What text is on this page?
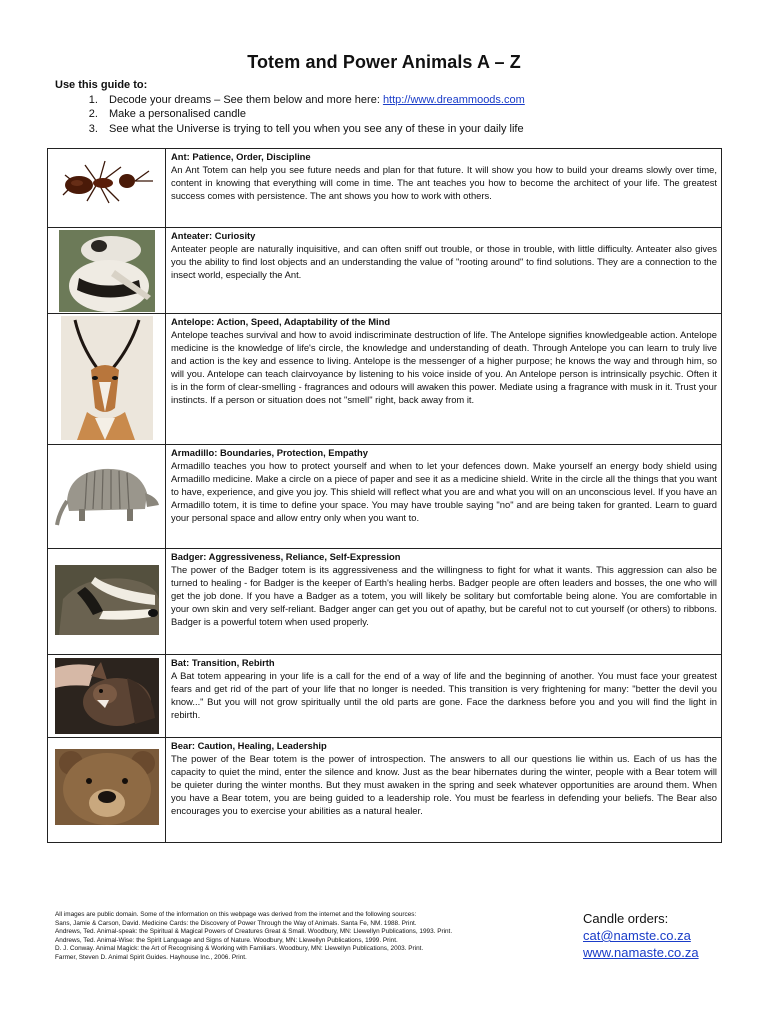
Totem and Power Animals A – Z
Use this guide to:
1. Decode your dreams – See them below and more here: http://www.dreammoods.com
2. Make a personalised candle
3. See what the Universe is trying to tell you when you see any of these in your daily life

Ant: Patience, Order, Discipline
An Ant Totem can help you see future needs and plan for that future. It will show you how to build your dreams slowly over time, content in knowing that everything will come in time. The ant teaches you how to become the architect of your life. The greatest success comes with persistence. The ant shows you how to work with others.

Anteater: Curiosity
Anteater people are naturally inquisitive, and can often sniff out trouble, or those in trouble, with little difficulty. Anteater also gives you the ability to find lost objects and an understanding the value of "rooting around" to find solutions. They are a connection to the insect world, especially the Ant.

Antelope: Action, Speed, Adaptability of the Mind
Antelope teaches survival and how to avoid indiscriminate destruction of life. The Antelope signifies knowledgeable action. Antelope medicine is the knowledge of life's circle, the knowledge and understanding of death. Through Antelope you can learn to truly live and action is the key and essence to living. Antelope is the messenger of a higher purpose; he knows the way and through him, so will you. Antelope can teach clairvoyance by listening to his voice inside of you. An Antelope person is intrinsically psychic. Often it is in the form of clear-smelling - fragrances and odours will awaken this power. Mediate using a fragrance with musk in it. Trust your instincts. If a person or situation does not "smell" right, back away from it.

Armadillo: Boundaries, Protection, Empathy
Armadillo teaches you how to protect yourself and when to let your defences down. Make yourself an energy body shield using Armadillo medicine. Make a circle on a piece of paper and see it as a medicine shield. Write in the circle all the things that you want to have, experience, and give you joy. This shield will reflect what you are and what you will on an unconscious level. If you have an Armadillo totem, it is time to define your space. You may have trouble saying "no" and are being taken for granted. Learn to guard your personal space and allow entry only when you want to.

Badger: Aggressiveness, Reliance, Self-Expression
The power of the Badger totem is its aggressiveness and the willingness to fight for what it wants. This aggression can also be turned to healing - for Badger is the keeper of Earth's healing herbs. Badger people are often leaders and bosses, the one who will get the job done. If you have a Badger as a totem, you will likely be solitary but comfortable being alone. You are comfortable in your own skin and very self-reliant. Badger anger can get you out of apathy, but be careful not to cut yourself (or others) to ribbons. Badger is a powerful totem when used properly.

Bat: Transition, Rebirth
A Bat totem appearing in your life is a call for the end of a way of life and the beginning of another. You must face your greatest fears and get rid of the part of your life that no longer is needed. This transition is very frightening for many: "better the devil you know..." But you will not grow spiritually until the old parts are gone. Face the darkness before you and you will find the light in rebirth.

Bear: Caution, Healing, Leadership
The power of the Bear totem is the power of introspection. The answers to all our questions lie within us. Each of us has the capacity to quiet the mind, enter the silence and know. Just as the bear hibernates during the winter, people with a Bear totem will be quieter during the winter months. But they must awaken in the spring and seek whatever opportunities are around them. When you have a Bear totem, you are being guided to a leadership role. You must be fearless in defending your beliefs. The Bear also encourages you to exercise your abilities as a natural healer.

All images are public domain. Some of the information on this webpage was derived from the internet and the following sources:

Sans, Jamie & Carson, David. Medicine Cards: the Discovery of Power Through the Way of Animals. Santa Fe, NM. 1988. Print.

Andrews, Ted. Animal-speak: the Spiritual & Magical Powers of Creatures Great & Small. Woodbury, MN: Llewellyn Publications, 1993. Print.

Andrews, Ted. Animal-Wise: the Spirit Language and Signs of Nature. Woodbury, MN: Llewellyn Publications, 1999. Print.

D. J. Conway. Animal Magick: the Art of Recognising & Working with Familiars. Woodbury, MN: Llewellyn Publications, 2003. Print.

Farmer, Steven D. Animal Spirit Guides. Hayhouse Inc., 2006. Print.

Candle orders:
cat@namste.co.za
www.namaste.co.za
